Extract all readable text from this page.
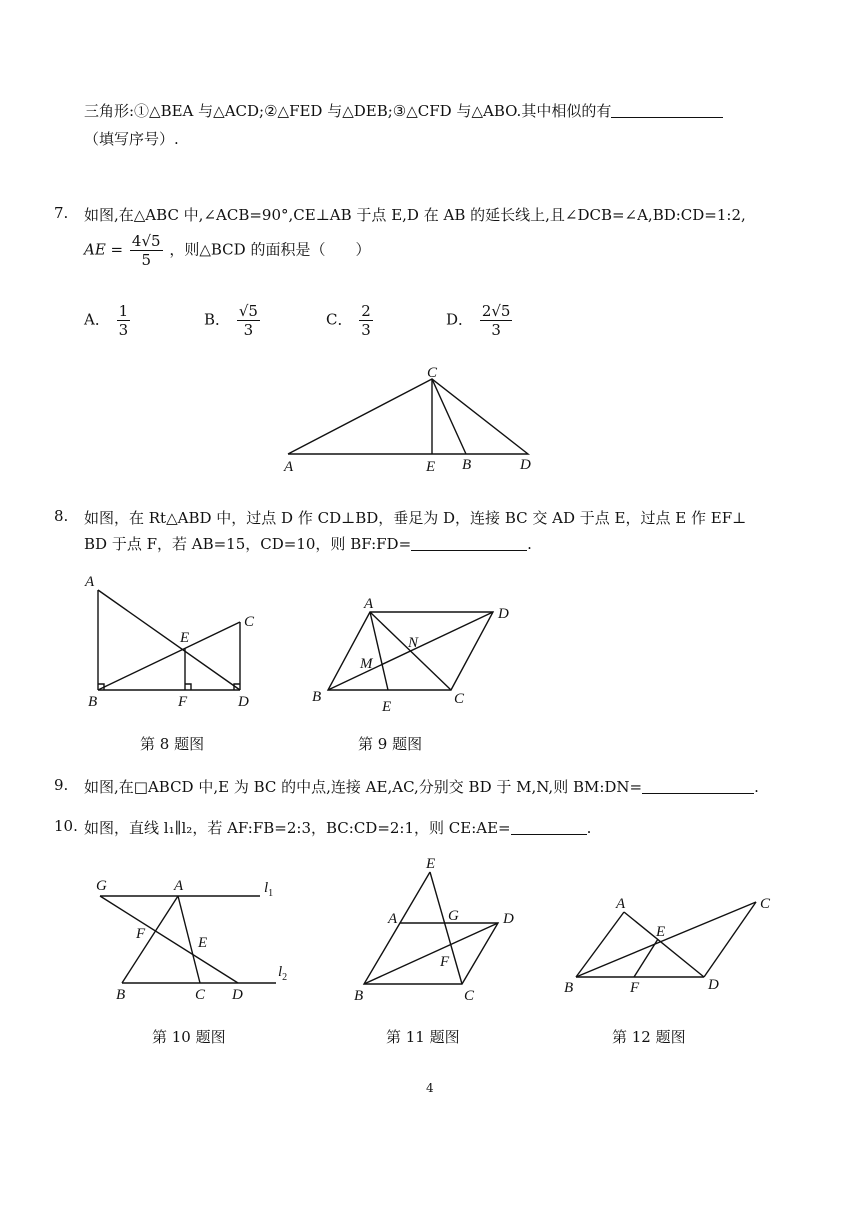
三角形:①△BEA 与△ACD;②△FED 与△DEB;③△CFD 与△ABO.其中相似的有
（填写序号）.
7. 如图,在△ABC 中,∠ACB=90°,CE⊥AB 于点 E,D 在 AB 的延长线上,且∠DCB=∠A,BD:CD=1:2,
AE = $\frac{4√5}{5}$ ，则△BCD 的面积是（　　）
A． $\frac{1}{3}$	B． $\frac{√5}{3}$	C． $\frac{2}{3}$	D． $\frac{2√5}{3}$
C
A	E B	D
8. 如图，在 Rt△ABD 中，过点 D 作 CD⊥BD，垂足为 D，连接 BC 交 AD 于点 E，过点 E 作 EF⊥
BD 于点 F，若 AB=15，CD=10，则 BF:FD=	.
A
C
E
B	F	D
第 8 题图
A
D
N
M
B	C
E
第 9 题图
9. 如图,在□ABCD 中,E 为 BC 的中点,连接 AE,AC,分别交 BD 于 M,N,则 BM:DN=	.
10. 如图，直线 l₁∥l₂，若 AF:FB=2:3，BC:CD=2:1，则 CE:AE=	.
G	A	$l_1$
F
E
$l_2$
B	C D
第 10 题图
E
A	G	D
F
B	C
第 11 题图
A	C
E
B	F	D
第 12 题图
4
